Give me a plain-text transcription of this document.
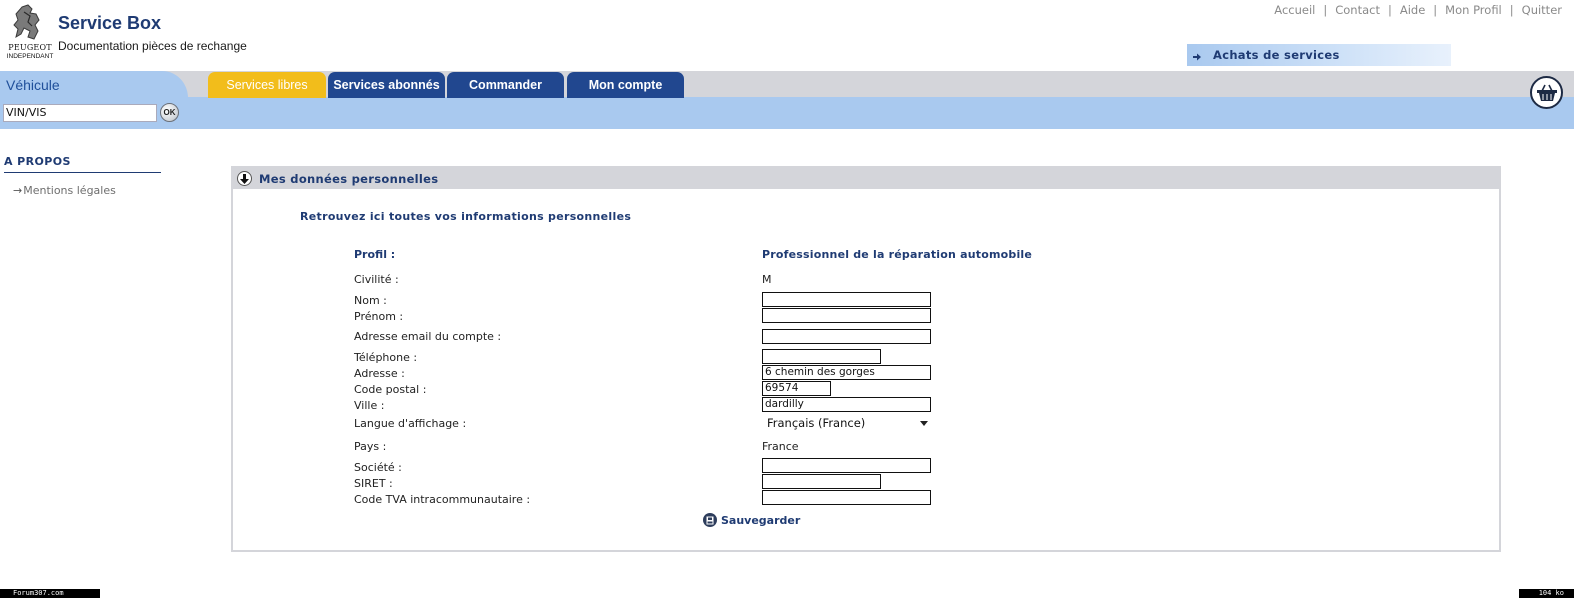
PEUGEOT
INDEPENDANT
Service Box
Documentation pièces de rechange
Accueil | Contact | Aide | Mon Profil | Quitter
Achats de services
Véhicule	Services libres	Services abonnés	Commander	Mon compte
VIN/VIS	OK
A PROPOS
→Mentions légales
Mes données personnelles
Retrouvez ici toutes vos informations personnelles
Profil :	Professionnel de la réparation automobile
Civilité :	M
Nom :
Prénom :
Adresse email du compte :
Téléphone :
Adresse :	6 chemin des gorges
Code postal :	69574
Ville :	dardilly
Langue d'affichage :	Français (France)
Pays :	France
Société :
SIRET :
Code TVA intracommunautaire :
Sauvegarder
Forum307.com	104 ko
